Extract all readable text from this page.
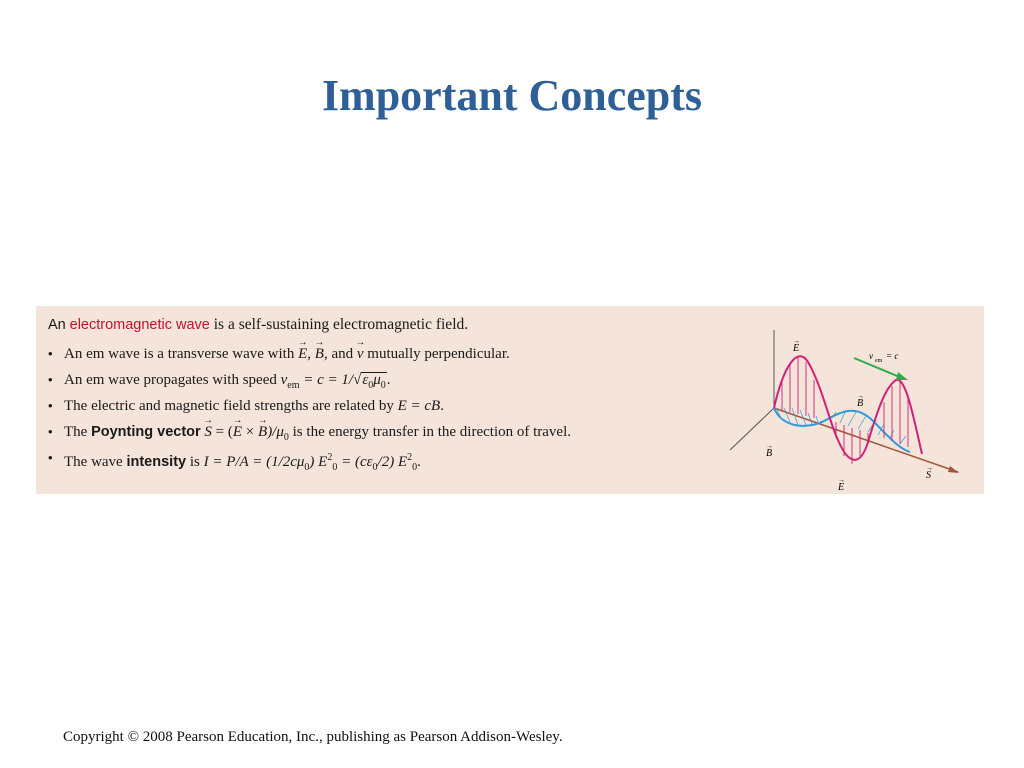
Important Concepts
An electromagnetic wave is a self-sustaining electromagnetic field.
• An em wave is a transverse wave with → E, → B, and → v mutually perpendicular.
• An em wave propagates with speed $v_{em} = c = 1/√\varepsilon_0\mu_0$.
• The electric and magnetic field strengths are related by E = cB.
• The Poynting vector → S = (→ E × → $B)/\mu_0$ is the energy transfer in the direction of travel.
• The wave intensity is $I = P/A = (1/2c\mu_0) E^2_0 = (c\varepsilon_0/2)$ $E^2_0$.
E
→
v em = c
B
→
B
→
E
→	S
→
Copyright © 2008 Pearson Education, Inc., publishing as Pearson Addison-Wesley.
